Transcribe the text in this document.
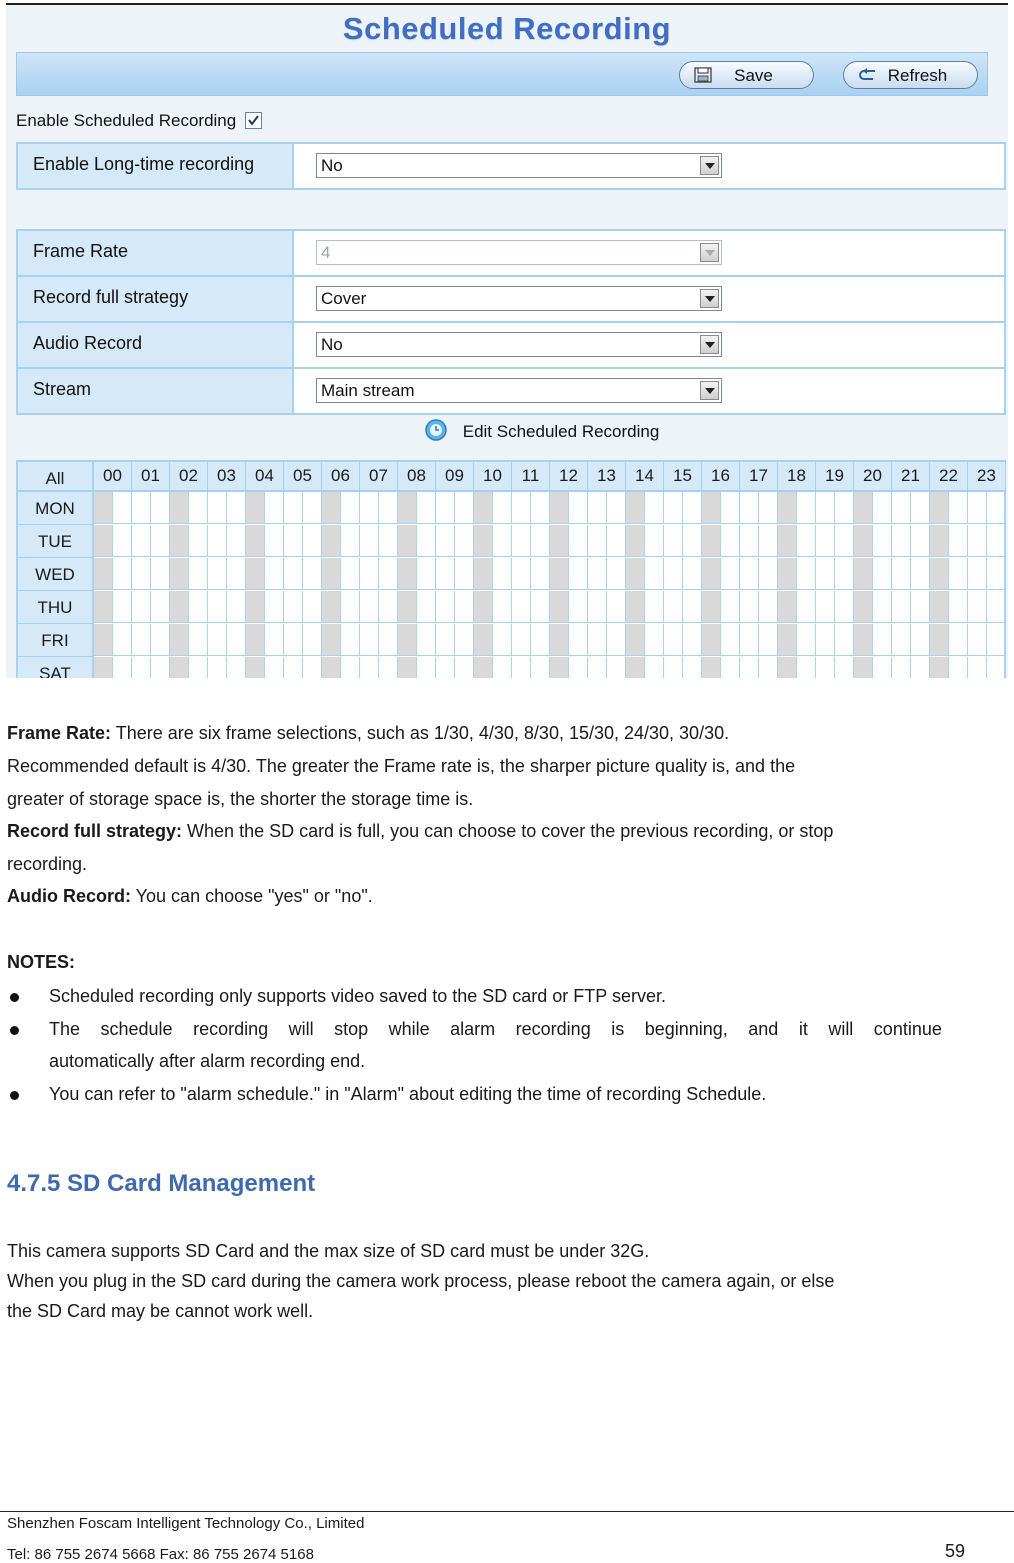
Scheduled Recording
Save	Refresh
Enable Scheduled Recording
Enable Long-time recording	No
Frame Rate	4
Record full strategy	Cover
Audio Record	No
Stream	Main stream
Edit Scheduled Recording
All	00	01	02	03	04	05	06	07	08	09	10	11	12	13	14	15	16	17	18	19	20	21	22	23
MON
TUE
WED
THU
FRI
SAT
Frame Rate: There are six frame selections, such as 1/30, 4/30, 8/30, 15/30, 24/30, 30/30.
Recommended default is 4/30. The greater the Frame rate is, the sharper picture quality is, and the
greater of storage space is, the shorter the storage time is.
Record full strategy: When the SD card is full, you can choose to cover the previous recording, or stop
recording.
Audio Record: You can choose "yes" or "no".
NOTES:
Scheduled recording only supports video saved to the SD card or FTP server.
The schedule recording will stop while alarm recording is beginning, and it will continue
automatically after alarm recording end.
You can refer to "alarm schedule." in "Alarm" about editing the time of recording Schedule.
4.7.5 SD Card Management
This camera supports SD Card and the max size of SD card must be under 32G.
When you plug in the SD card during the camera work process, please reboot the camera again, or else
the SD Card may be cannot work well.
Shenzhen Foscam Intelligent Technology Co., Limited
Tel: 86 755 2674 5668 Fax: 86 755 2674 5168	59
